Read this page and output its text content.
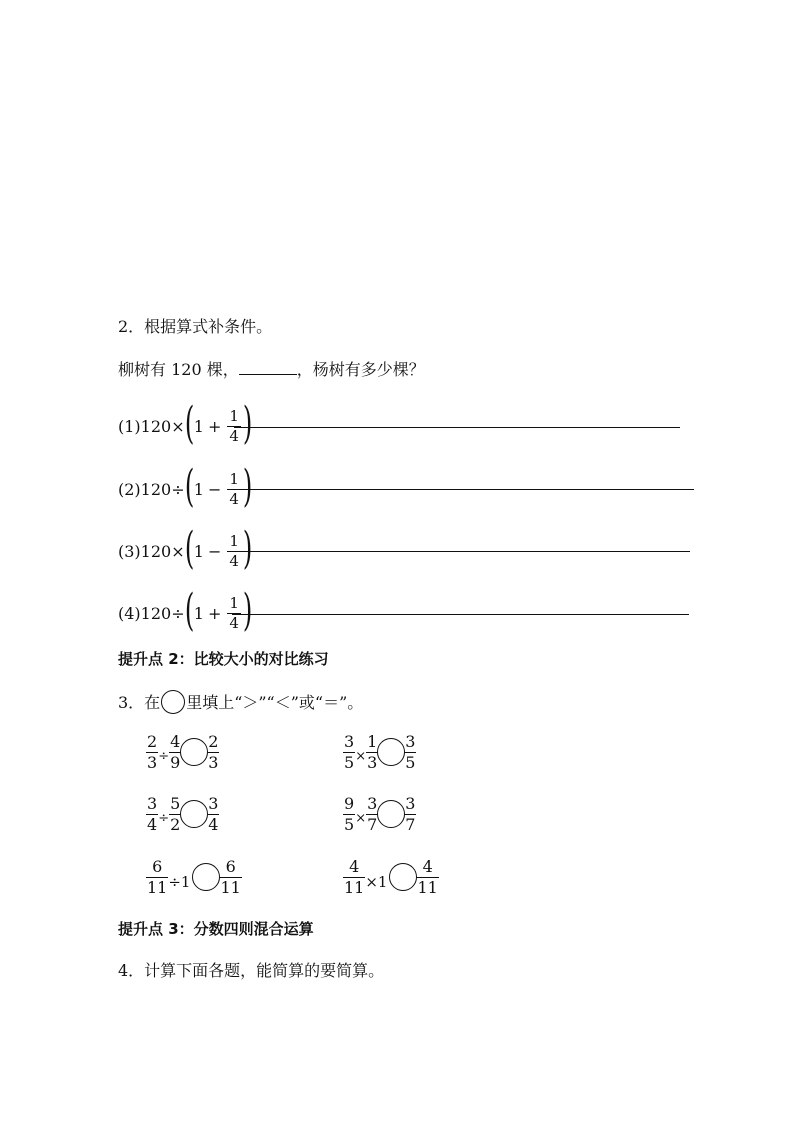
2．根据算式补条件。
柳树有 120 棵，	，杨树有多少棵？
(1)120× ( $1 + \frac{1}{4}$ )
(2)120÷ ( $1 - \frac{1}{4}$ )
(3)120× ( $1 - \frac{1}{4}$ )
(4)120÷ ( $1 + \frac{1}{4}$ )
提升点 2：比较大小的对比练习
3．在 里填上“＞”“＜”或“＝”。
$\frac{2}{3} \div \frac{4}{9} \frac{2}{3}$	$\frac{3}{5} \times \frac{1}{3} \frac{3}{5}$
$\frac{3}{4} \div \frac{5}{2} \frac{3}{4}$	$\frac{9}{5} \times \frac{3}{7} \frac{3}{7}$
$\frac{6}{11} \div 1 \frac{6}{11}$	$\frac{4}{11} \times 1 \frac{4}{11}$
提升点 3：分数四则混合运算
4．计算下面各题，能简算的要简算。
